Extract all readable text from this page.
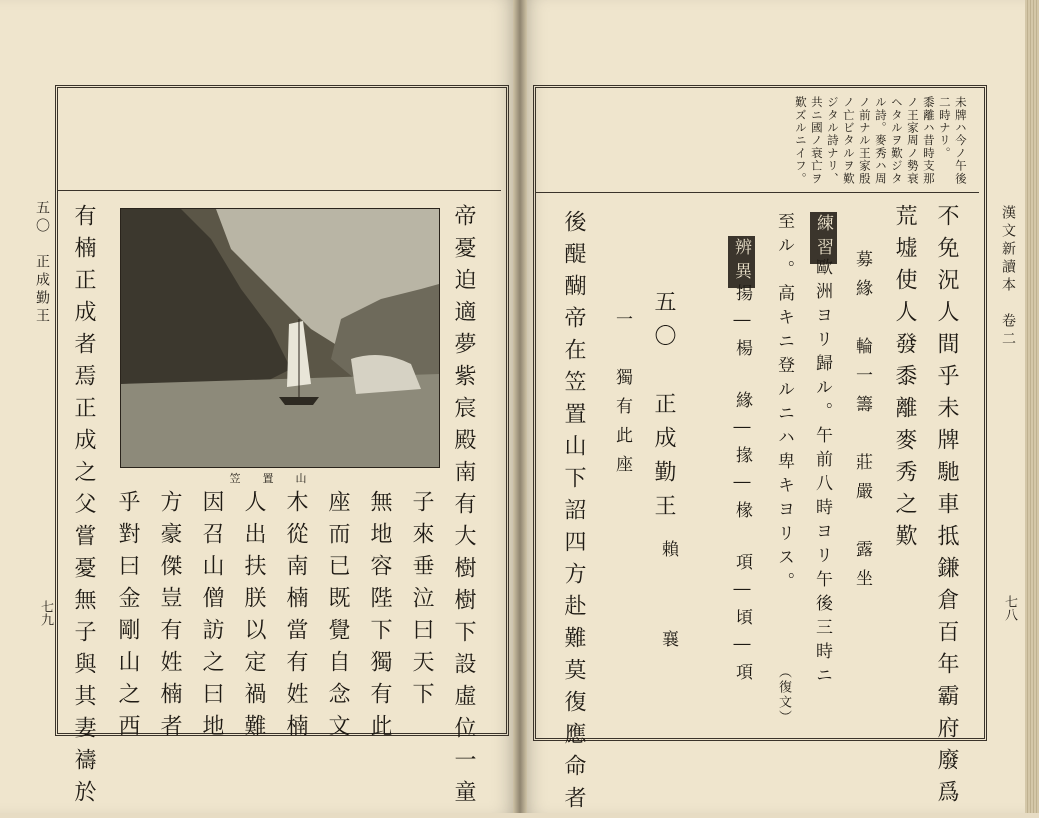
五〇　正成勤王
七九
笠置山	帝憂迫適夢紫宸殿南有大樹樹下設虛位一童
子來垂泣曰天下
無地容陛下獨有此
座而已既覺自念文
木從南楠當有姓楠
人出扶朕以定禍難
因召山僧訪之曰地
方豪傑豈有姓楠者
乎對曰金剛山之西
有楠正成者焉正成之父嘗憂無子與其妻禱於	漢文新讀本　卷二
七八
未牌ハ今ノ午後
二時ナリ。
黍離ハ昔時支那
ノ王家周ノ勢衰
ヘタルヲ歎ジタ
ル詩。麥秀ハ周
ノ前ナル王家殷
ノ亡ビタルヲ歎
ジタル詩ナリ、
共ニ國ノ衰亡ヲ
歎ズルニイフ。
不免況人間乎未牌馳車抵鎌倉百年霸府廢爲
荒墟使人發黍離麥秀之歎
練習
募緣　輪一籌　莊嚴　露坐
歐洲ヨリ歸ル。午前八時ヨリ午後三時ニ
至ル。高キニ登ルニハ卑キヨリス。
（復文）
辨異
揚―楊　緣―掾―椽　項―頃―項
五〇　正成勤王
賴　襄
一　獨有此座
後醍醐帝在笠置山下詔四方赴難莫復應命者
